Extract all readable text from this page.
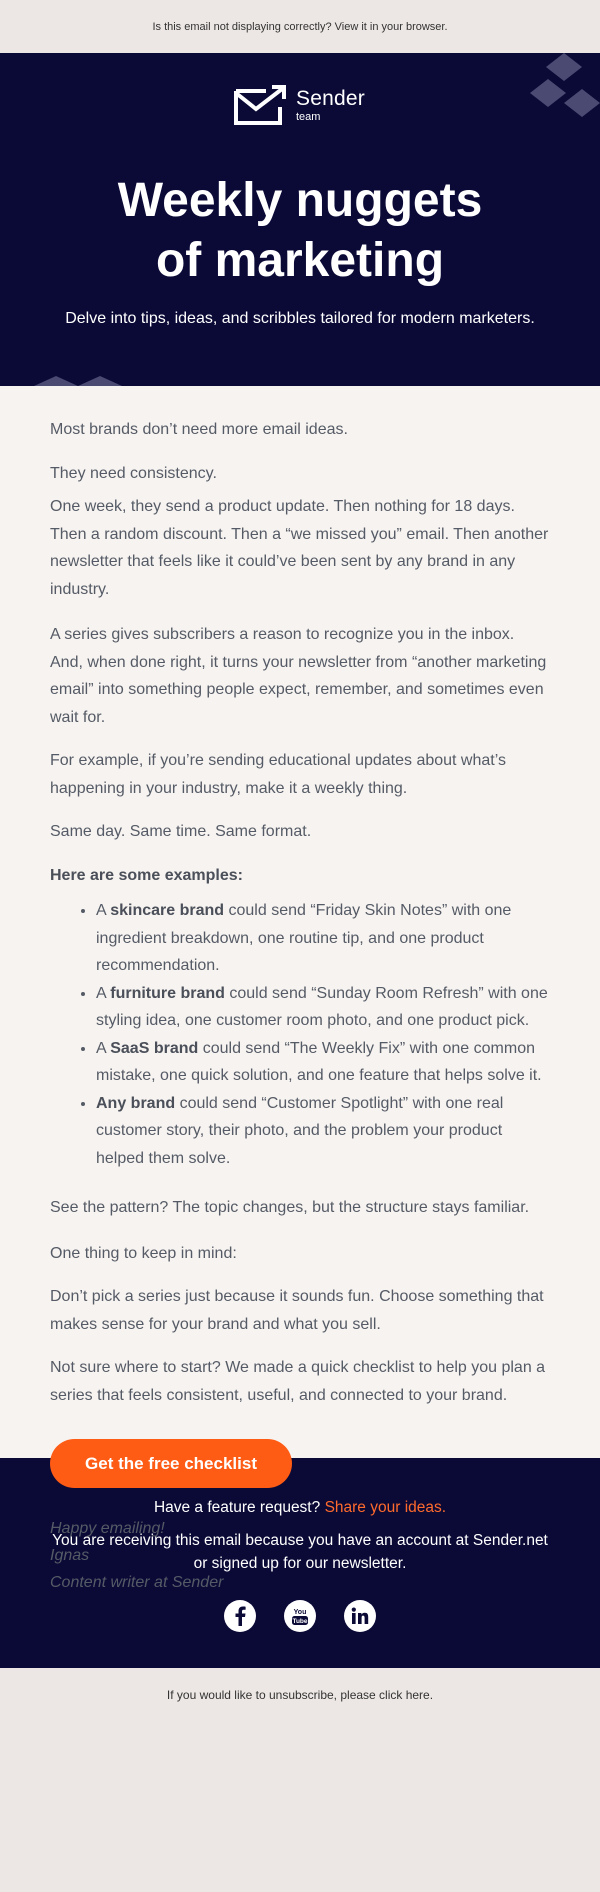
Is this email not displaying correctly? View it in your browser.
Sender
team
Weekly nuggets
of marketing
Delve into tips, ideas, and scribbles tailored for modern marketers.

Most brands don’t need more email ideas.

They need consistency.

One week, they send a product update. Then nothing for 18 days. Then a random discount. Then a “we missed you” email. Then another newsletter that feels like it could’ve been sent by any brand in any industry.

A series gives subscribers a reason to recognize you in the inbox. And, when done right, it turns your newsletter from “another marketing email” into something people expect, remember, and sometimes even wait for.

For example, if you’re sending educational updates about what’s happening in your industry, make it a weekly thing.

Same day. Same time. Same format.

Here are some examples:
• A skincare brand could send “Friday Skin Notes” with one ingredient breakdown, one routine tip, and one product recommendation.
• A furniture brand could send “Sunday Room Refresh” with one styling idea, one customer room photo, and one product pick.
• A SaaS brand could send “The Weekly Fix” with one common mistake, one quick solution, and one feature that helps solve it.
• Any brand could send “Customer Spotlight” with one real customer story, their photo, and the problem your product helped them solve.

See the pattern? The topic changes, but the structure stays familiar.

One thing to keep in mind:

Don’t pick a series just because it sounds fun. Choose something that makes sense for your brand and what you sell.

Not sure where to start? We made a quick checklist to help you plan a series that feels consistent, useful, and connected to your brand.

Get the free checklist
Happy emailing!
Ignas
Content writer at Sender
Have a feature request? Share your ideas.
You are receiving this email because you have an account at Sender.net or signed up for our newsletter.
You
Tube
If you would like to unsubscribe, please click here.
